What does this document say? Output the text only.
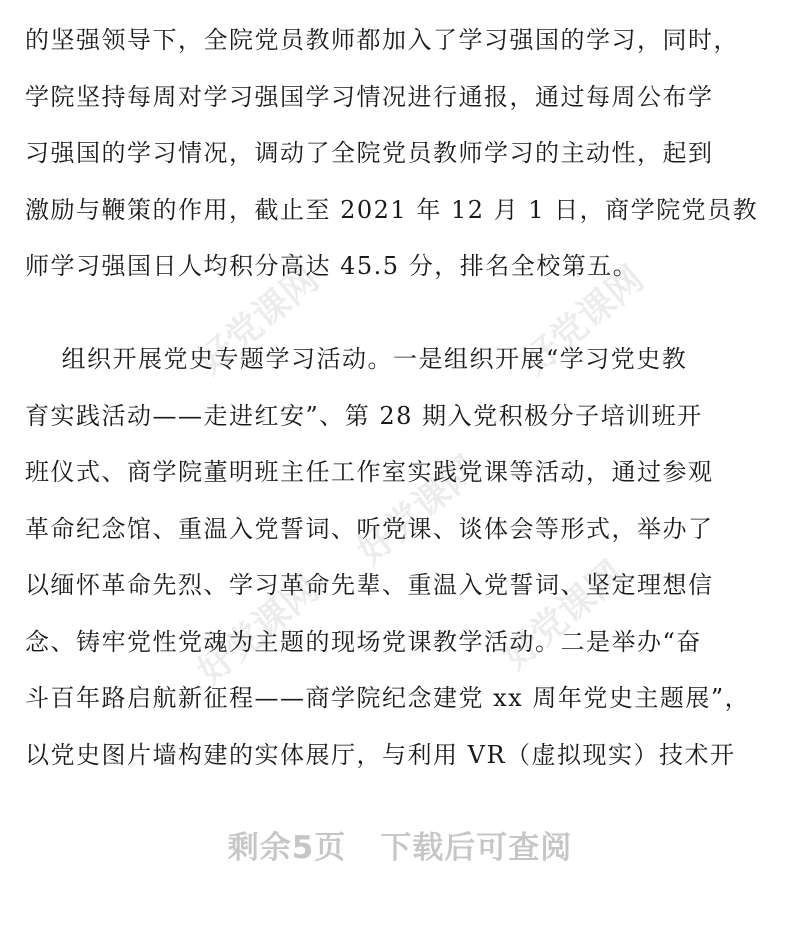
好党课网	好党课网
好党课网
好党课网	好党课网
的坚强领导下，全院党员教师都加入了学习强国的学习，同时，
学院坚持每周对学习强国学习情况进行通报，通过每周公布学
习强国的学习情况，调动了全院党员教师学习的主动性，起到
激励与鞭策的作用，截止至 2021 年 12 月 1 日，商学院党员教
师学习强国日人均积分高达 45.5 分，排名全校第五。
组织开展党史专题学习活动。一是组织开展“学习党史教
育实践活动——走进红安”、第 28 期入党积极分子培训班开
班仪式、商学院董明班主任工作室实践党课等活动，通过参观
革命纪念馆、重温入党誓词、听党课、谈体会等形式，举办了
以缅怀革命先烈、学习革命先辈、重温入党誓词、坚定理想信
念、铸牢党性党魂为主题的现场党课教学活动。二是举办“奋
斗百年路启航新征程——商学院纪念建党 xx 周年党史主题展”，
以党史图片墙构建的实体展厅，与利用 VR（虚拟现实）技术开
剩余5页 下载后可查阅
